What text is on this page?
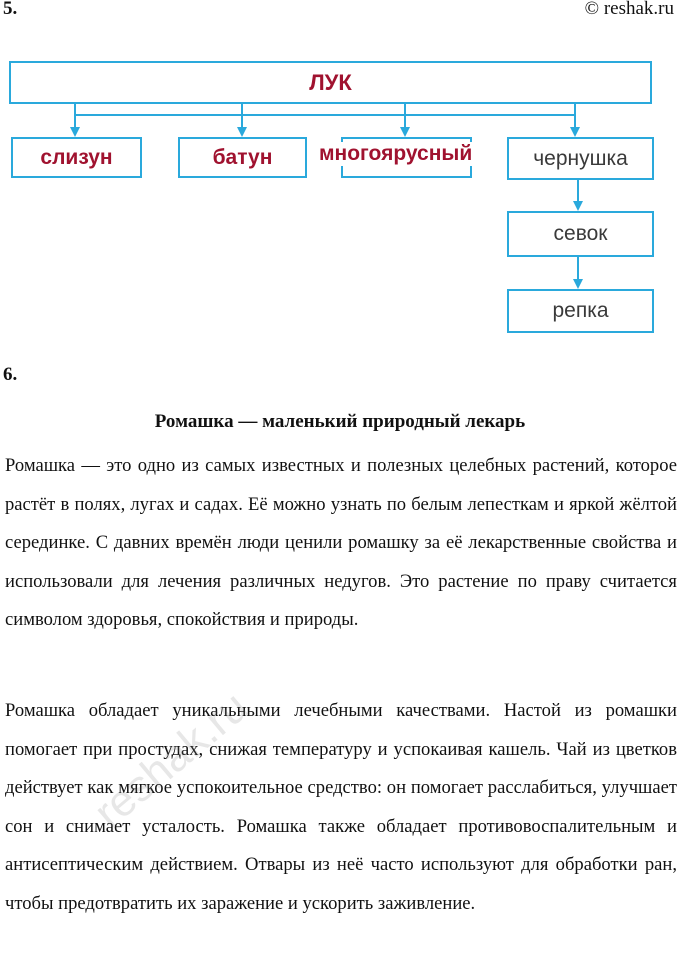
5.	© reshak.ru
ЛУК
слизун	батун многоярусный	чернушка
севок
репка
6.
Ромашка — маленький природный лекарь

Ромашка — это одно из самых известных и полезных целебных растений, которое растёт в полях, лугах и садах. Её можно узнать по белым лепесткам и яркой жёлтой серединке. С давних времён люди ценили ромашку за её лекарственные свойства и использовали для лечения различных недугов. Это растение по праву считается символом здоровья, спокойствия и природы.

Ромашка обладает уникальными лечебными качествами. Настой из ромашки помогает при простудах, снижая температуру и успокаивая кашель. Чай из цветков действует как мягкое успокоительное средство: он помогает расслабиться, улучшает сон и снимает усталость. Ромашка также обладает противовоспалительным и антисептическим действием. Отвары из неё часто используют для обработки ран, чтобы предотвратить их заражение и ускорить заживление.

reshak.ru
